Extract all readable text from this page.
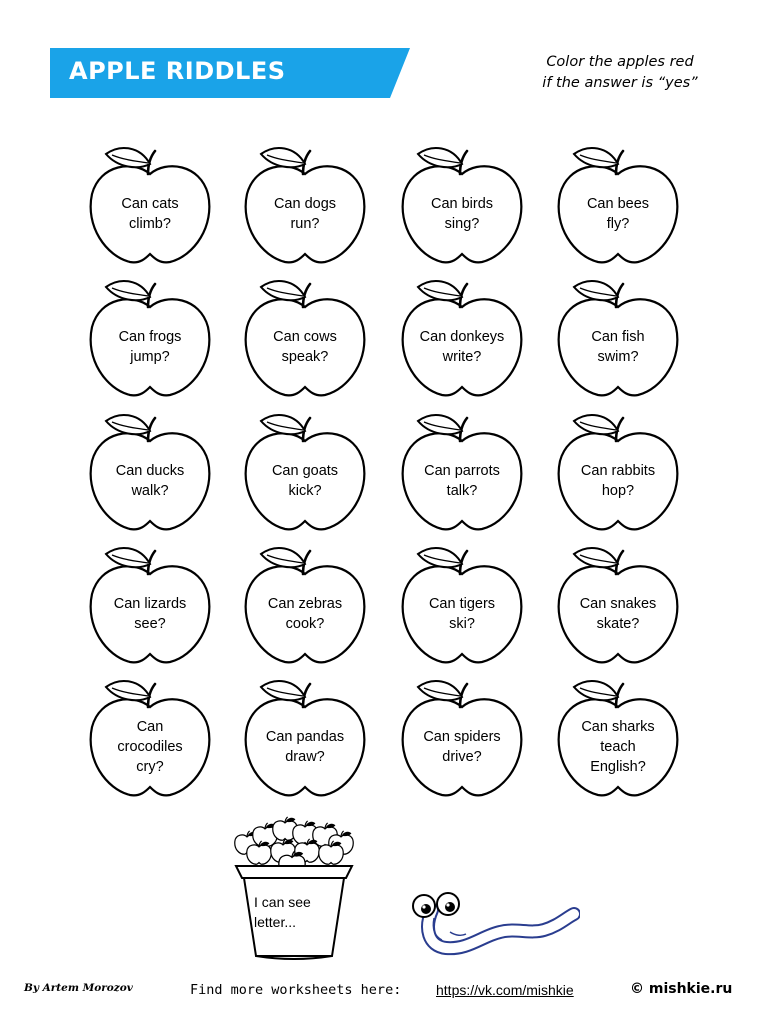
APPLE RIDDLES	Color the apples red
if the answer is “yes”
Can cats
climb?
Can dogs
run?
Can birds
sing?
Can bees
fly?
Can frogs
jump?
Can cows
speak?
Can donkeys
write?
Can fish
swim?
Can ducks
walk?
Can goats
kick?
Can parrots
talk?
Can rabbits
hop?
Can lizards
see?
Can zebras
cook?
Can tigers
ski?
Can snakes
skate?
Can
crocodiles
cry?
Can pandas
draw?
Can spiders
drive?
Can sharks
teach
English?
I can see
letter...
By Artem Morozov	Find more worksheets here: https://vk.com/mishkie	© mishkie.ru
